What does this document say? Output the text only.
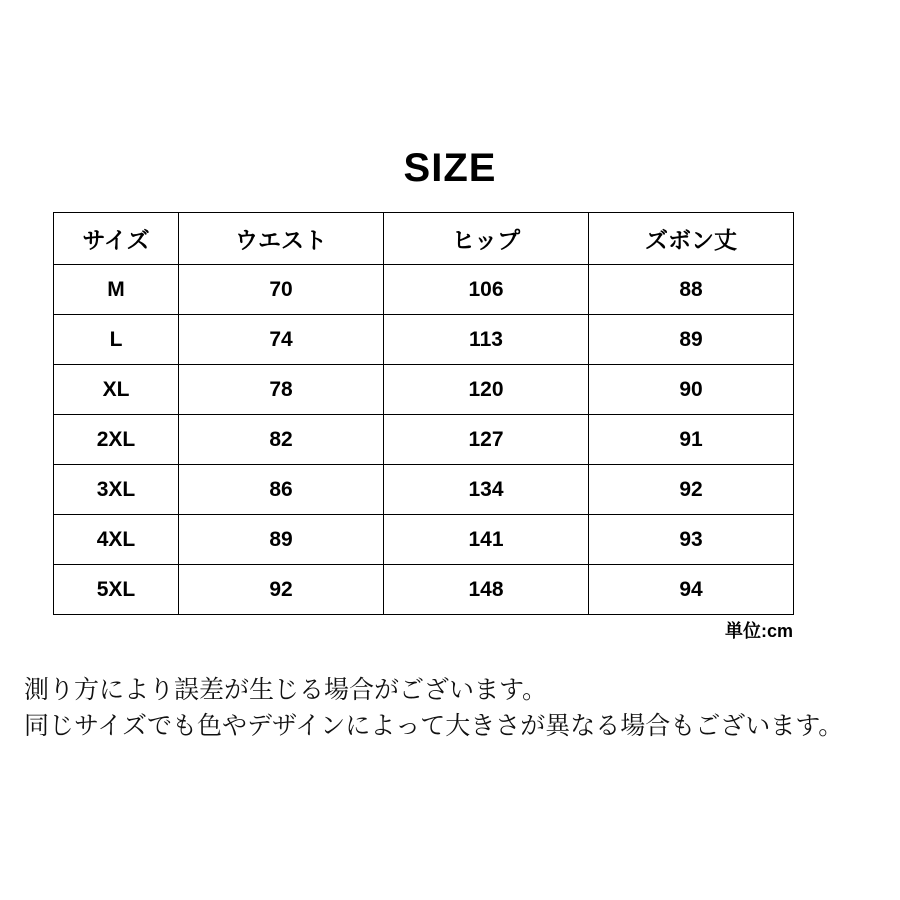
SIZE
サイズ	ウエスト	ヒップ	ズボン丈
M	70	106	88
L	74	113	89
XL	78	120	90
2XL	82	127	91
3XL	86	134	92
4XL	89	141	93
5XL	92	148	94
単位:cm
測り方により誤差が生じる場合がございます。
同じサイズでも色やデザインによって大きさが異なる場合もございます。
